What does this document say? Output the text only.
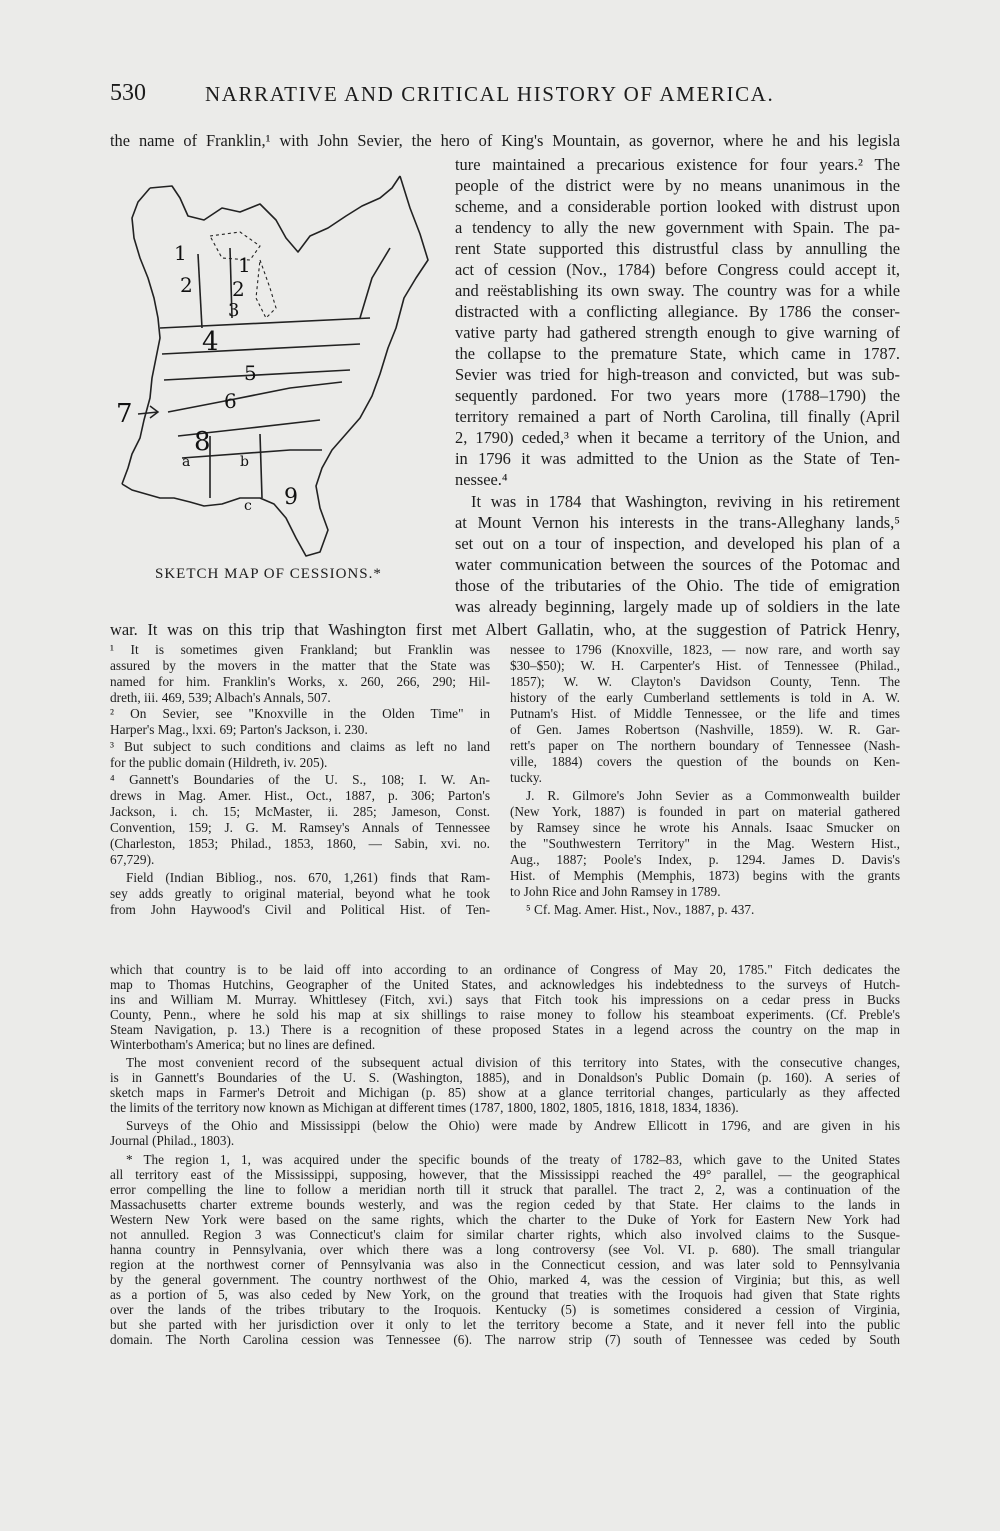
530	NARRATIVE AND CRITICAL HISTORY OF AMERICA.
the name of Franklin,¹ with John Sevier, the hero of King's Mountain, as governor, where he and his legisla
ture maintained a precarious existence for four years.² The
people of the district were by no means unanimous in the
scheme, and a considerable portion looked with distrust upon
a tendency to ally the new government with Spain. The pa-
rent State supported this distrustful class by annulling the
act of cession (Nov., 1784) before Congress could accept it,
and reëstablishing its own sway. The country was for a while
distracted with a conflicting allegiance. By 1786 the conser-
vative party had gathered strength enough to give warning of
the collapse to the premature State, which came in 1787.
Sevier was tried for high-treason and convicted, but was sub-
sequently pardoned. For two years more (1788–1790) the
territory remained a part of North Carolina, till finally (April
2, 1790) ceded,³ when it became a territory of the Union, and
in 1796 it was admitted to the Union as the State of Ten-
nessee.⁴
It was in 1784 that Washington, reviving in his retirement
at Mount Vernon his interests in the trans-Alleghany lands,⁵
set out on a tour of inspection, and developed his plan of a
water communication between the sources of the Potomac and
those of the tributaries of the Ohio. The tide of emigration
was already beginning, largely made up of soldiers in the late
war. It was on this trip that Washington first met Albert Gallatin, who, at the suggestion of Patrick Henry,
1	1
2 2
3
4
5
6
7
8
9
a	b
c
SKETCH MAP OF CESSIONS.*
¹ It is sometimes given Frankland; but Franklin was
assured by the movers in the matter that the State was
named for him. Franklin's Works, x. 260, 266, 290; Hil-
dreth, iii. 469, 539; Albach's Annals, 507.
² On Sevier, see "Knoxville in the Olden Time" in
Harper's Mag., lxxi. 69; Parton's Jackson, i. 230.
³ But subject to such conditions and claims as left no land
for the public domain (Hildreth, iv. 205).
⁴ Gannett's Boundaries of the U. S., 108; I. W. An-
drews in Mag. Amer. Hist., Oct., 1887, p. 306; Parton's
Jackson, i. ch. 15; McMaster, ii. 285; Jameson, Const.
Convention, 159; J. G. M. Ramsey's Annals of Tennessee
(Charleston, 1853; Philad., 1853, 1860, — Sabin, xvi. no.
67,729).
Field (Indian Bibliog., nos. 670, 1,261) finds that Ram-
sey adds greatly to original material, beyond what he took
from John Haywood's Civil and Political Hist. of Ten-
nessee to 1796 (Knoxville, 1823, — now rare, and worth say
$30–$50); W. H. Carpenter's Hist. of Tennessee (Philad.,
1857); W. W. Clayton's Davidson County, Tenn. The
history of the early Cumberland settlements is told in A. W.
Putnam's Hist. of Middle Tennessee, or the life and times
of Gen. James Robertson (Nashville, 1859). W. R. Gar-
rett's paper on The northern boundary of Tennessee (Nash-
ville, 1884) covers the question of the bounds on Ken-
tucky.
J. R. Gilmore's John Sevier as a Commonwealth builder
(New York, 1887) is founded in part on material gathered
by Ramsey since he wrote his Annals. Isaac Smucker on
the "Southwestern Territory" in the Mag. Western Hist.,
Aug., 1887; Poole's Index, p. 1294. James D. Davis's
Hist. of Memphis (Memphis, 1873) begins with the grants
to John Rice and John Ramsey in 1789.
⁵ Cf. Mag. Amer. Hist., Nov., 1887, p. 437.
which that country is to be laid off into according to an ordinance of Congress of May 20, 1785." Fitch dedicates the
map to Thomas Hutchins, Geographer of the United States, and acknowledges his indebtedness to the surveys of Hutch-
ins and William M. Murray. Whittlesey (Fitch, xvi.) says that Fitch took his impressions on a cedar press in Bucks
County, Penn., where he sold his map at six shillings to raise money to follow his steamboat experiments. (Cf. Preble's
Steam Navigation, p. 13.) There is a recognition of these proposed States in a legend across the country on the map in
Winterbotham's America; but no lines are defined.
The most convenient record of the subsequent actual division of this territory into States, with the consecutive changes,
is in Gannett's Boundaries of the U. S. (Washington, 1885), and in Donaldson's Public Domain (p. 160). A series of
sketch maps in Farmer's Detroit and Michigan (p. 85) show at a glance territorial changes, particularly as they affected
the limits of the territory now known as Michigan at different times (1787, 1800, 1802, 1805, 1816, 1818, 1834, 1836).
Surveys of the Ohio and Mississippi (below the Ohio) were made by Andrew Ellicott in 1796, and are given in his
Journal (Philad., 1803).
* The region 1, 1, was acquired under the specific bounds of the treaty of 1782–83, which gave to the United States
all territory east of the Mississippi, supposing, however, that the Mississippi reached the 49° parallel, — the geographical
error compelling the line to follow a meridian north till it struck that parallel. The tract 2, 2, was a continuation of the
Massachusetts charter extreme bounds westerly, and was the region ceded by that State. Her claims to the lands in
Western New York were based on the same rights, which the charter to the Duke of York for Eastern New York had
not annulled. Region 3 was Connecticut's claim for similar charter rights, which also involved claims to the Susque-
hanna country in Pennsylvania, over which there was a long controversy (see Vol. VI. p. 680). The small triangular
region at the northwest corner of Pennsylvania was also in the Connecticut cession, and was later sold to Pennsylvania
by the general government. The country northwest of the Ohio, marked 4, was the cession of Virginia; but this, as well
as a portion of 5, was also ceded by New York, on the ground that treaties with the Iroquois had given that State rights
over the lands of the tribes tributary to the Iroquois. Kentucky (5) is sometimes considered a cession of Virginia,
but she parted with her jurisdiction over it only to let the territory become a State, and it never fell into the public
domain. The North Carolina cession was Tennessee (6). The narrow strip (7) south of Tennessee was ceded by South
